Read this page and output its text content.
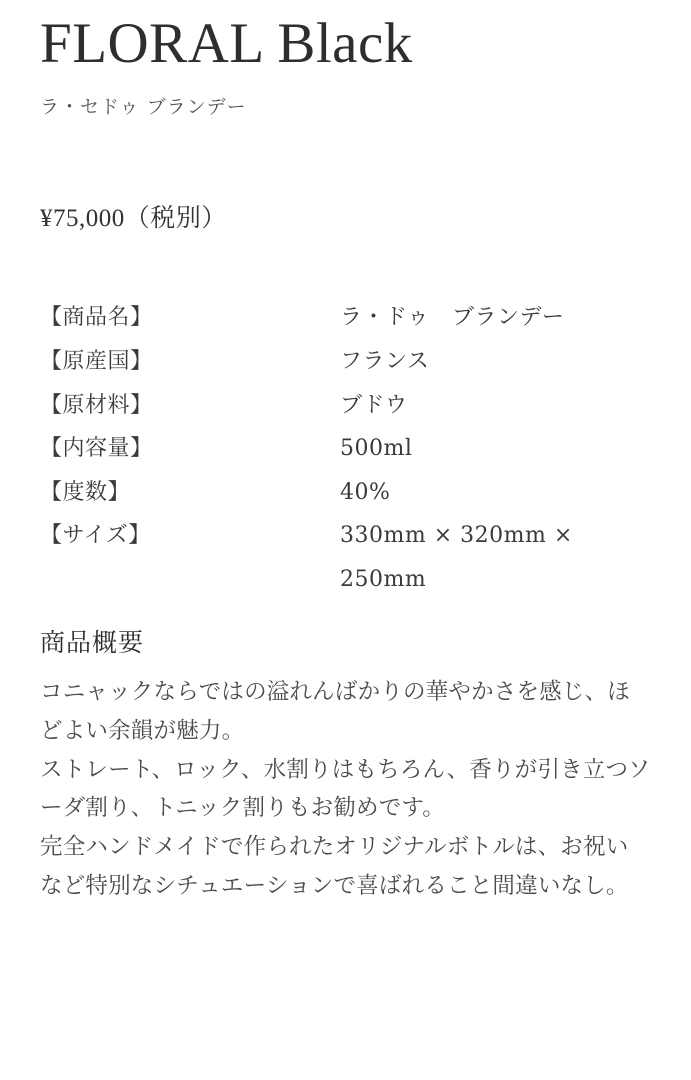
FLORAL Black
ラ・セドゥ ブランデー
¥75,000（税別）
【商品名】	ラ・ドゥ　ブランデー
【原産国】	フランス
【原材料】	ブドウ
【内容量】	500ml
【度数】	40%
【サイズ】	330mm × 320mm × 250mm
商品概要

コニャックならではの溢れんばかりの華やかさを感じ、ほどよい余韻が魅力。

ストレート、ロック、水割りはもちろん、香りが引き立つソーダ割り、トニック割りもお勧めです。

完全ハンドメイドで作られたオリジナルボトルは、お祝いなど特別なシチュエーションで喜ばれること間違いなし。
